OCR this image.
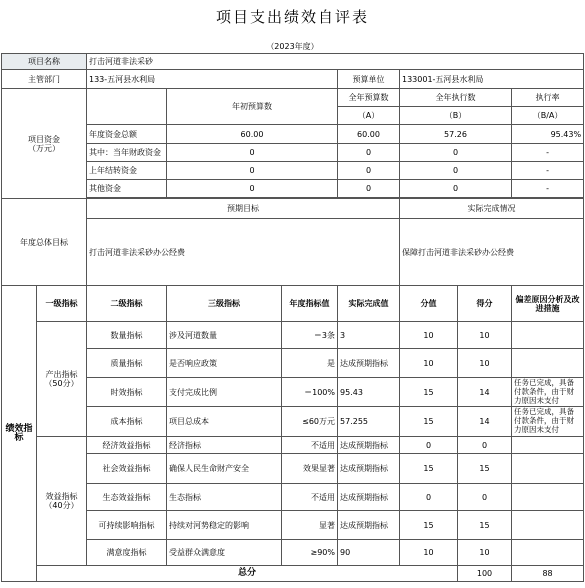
项目支出绩效自评表
（2023年度）
项目名称		打击河道非法采砂							
主管部门		133-五河县水利局			预算单位	133001-五河县水利局			
项目资金
（万元）			年初预算数		全年预算数	全年执行数		执行率	
					（A）	（B）		（B/A）	
		年度资金总额	60.00		60.00	57.26		95.43%	
		其中：当年财政资金	0		0	0		-	
		上年结转资金	0		0	0		-	
		其他资金	0		0	0		-	

年度总体目标		预期目标				实际完成情况			
		打击河道非法采砂办公经费				保障打击河道非法采砂办公经费			
绩效指标	一级指标	二级指标	三级指标	年度指标值	实际完成值	分值	得分	偏差原因分析及改进措施	
	产出指标（50分）	数量指标	涉及河道数量	＝3条	3	10	10		
		质量指标	是否响应政策	是	达成预期指标	10	10		
		时效指标	支付完成比例	＝100%	95.43	15	14	任务已完成，具备付款条件，由于财力原因未支付	
		成本指标	项目总成本	≤60万元	57.255	15	14	任务已完成，具备付款条件，由于财力原因未支付	
	效益指标（40分）	经济效益指标	经济指标	不适用	达成预期指标	0	0		
		社会效益指标	确保人民生命财产安全	效果显著	达成预期指标	15	15		
		生态效益指标	生态指标	不适用	达成预期指标	0	0		
		可持续影响指标	持续对河势稳定的影响	显著	达成预期指标	15	15		
		满意度指标	受益群众满意度	≥90%	90	10	10		
	总分						100	88	
